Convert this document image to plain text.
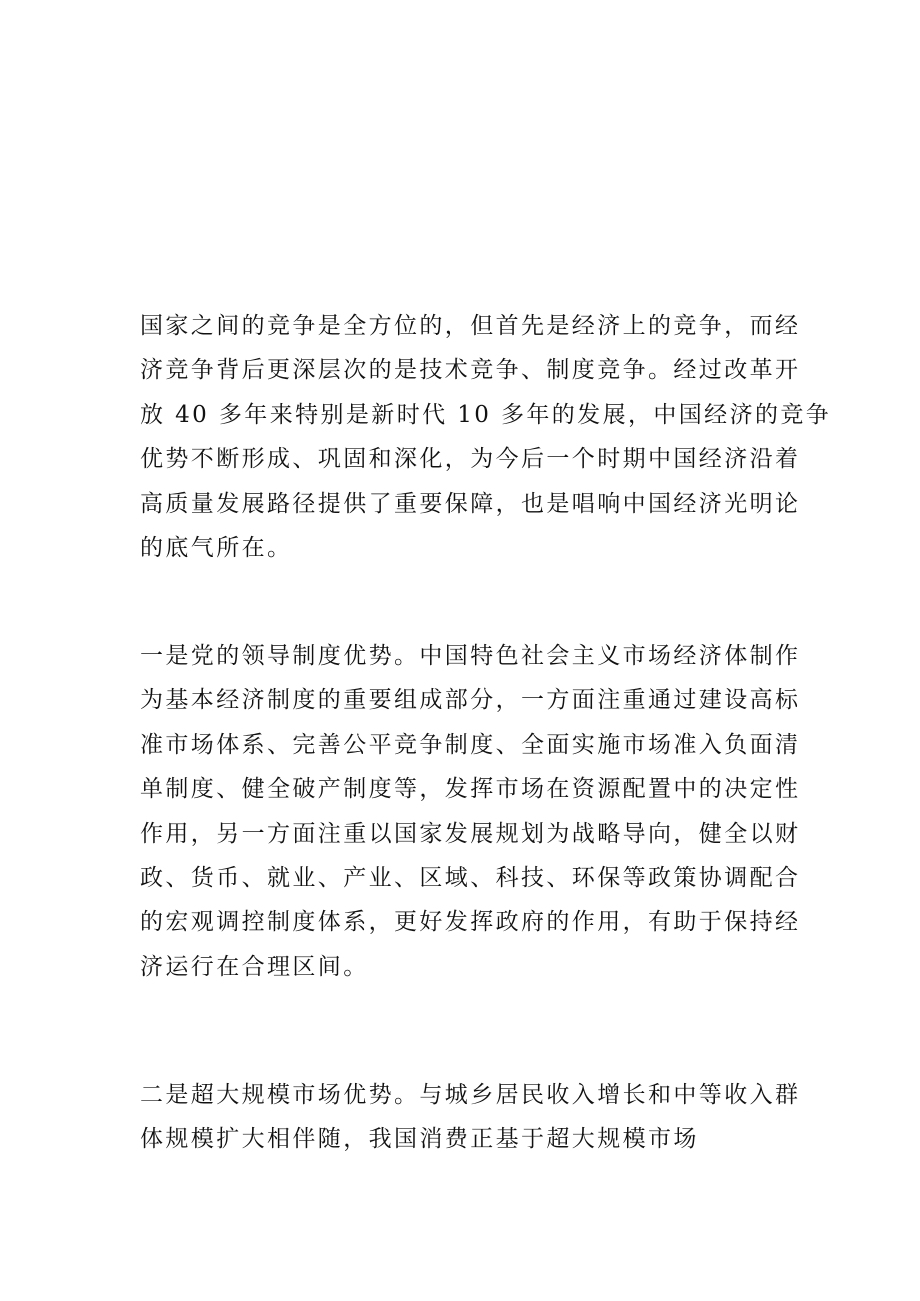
国家之间的竞争是全方位的，但首先是经济上的竞争，而经
济竞争背后更深层次的是技术竞争、制度竞争。经过改革开
放 40 多年来特别是新时代 10 多年的发展，中国经济的竞争
优势不断形成、巩固和深化，为今后一个时期中国经济沿着
高质量发展路径提供了重要保障，也是唱响中国经济光明论
的底气所在。
一是党的领导制度优势。中国特色社会主义市场经济体制作
为基本经济制度的重要组成部分，一方面注重通过建设高标
准市场体系、完善公平竞争制度、全面实施市场准入负面清
单制度、健全破产制度等，发挥市场在资源配置中的决定性
作用，另一方面注重以国家发展规划为战略导向，健全以财
政、货币、就业、产业、区域、科技、环保等政策协调配合
的宏观调控制度体系，更好发挥政府的作用，有助于保持经
济运行在合理区间。
二是超大规模市场优势。与城乡居民收入增长和中等收入群
体规模扩大相伴随，我国消费正基于超大规模市场
